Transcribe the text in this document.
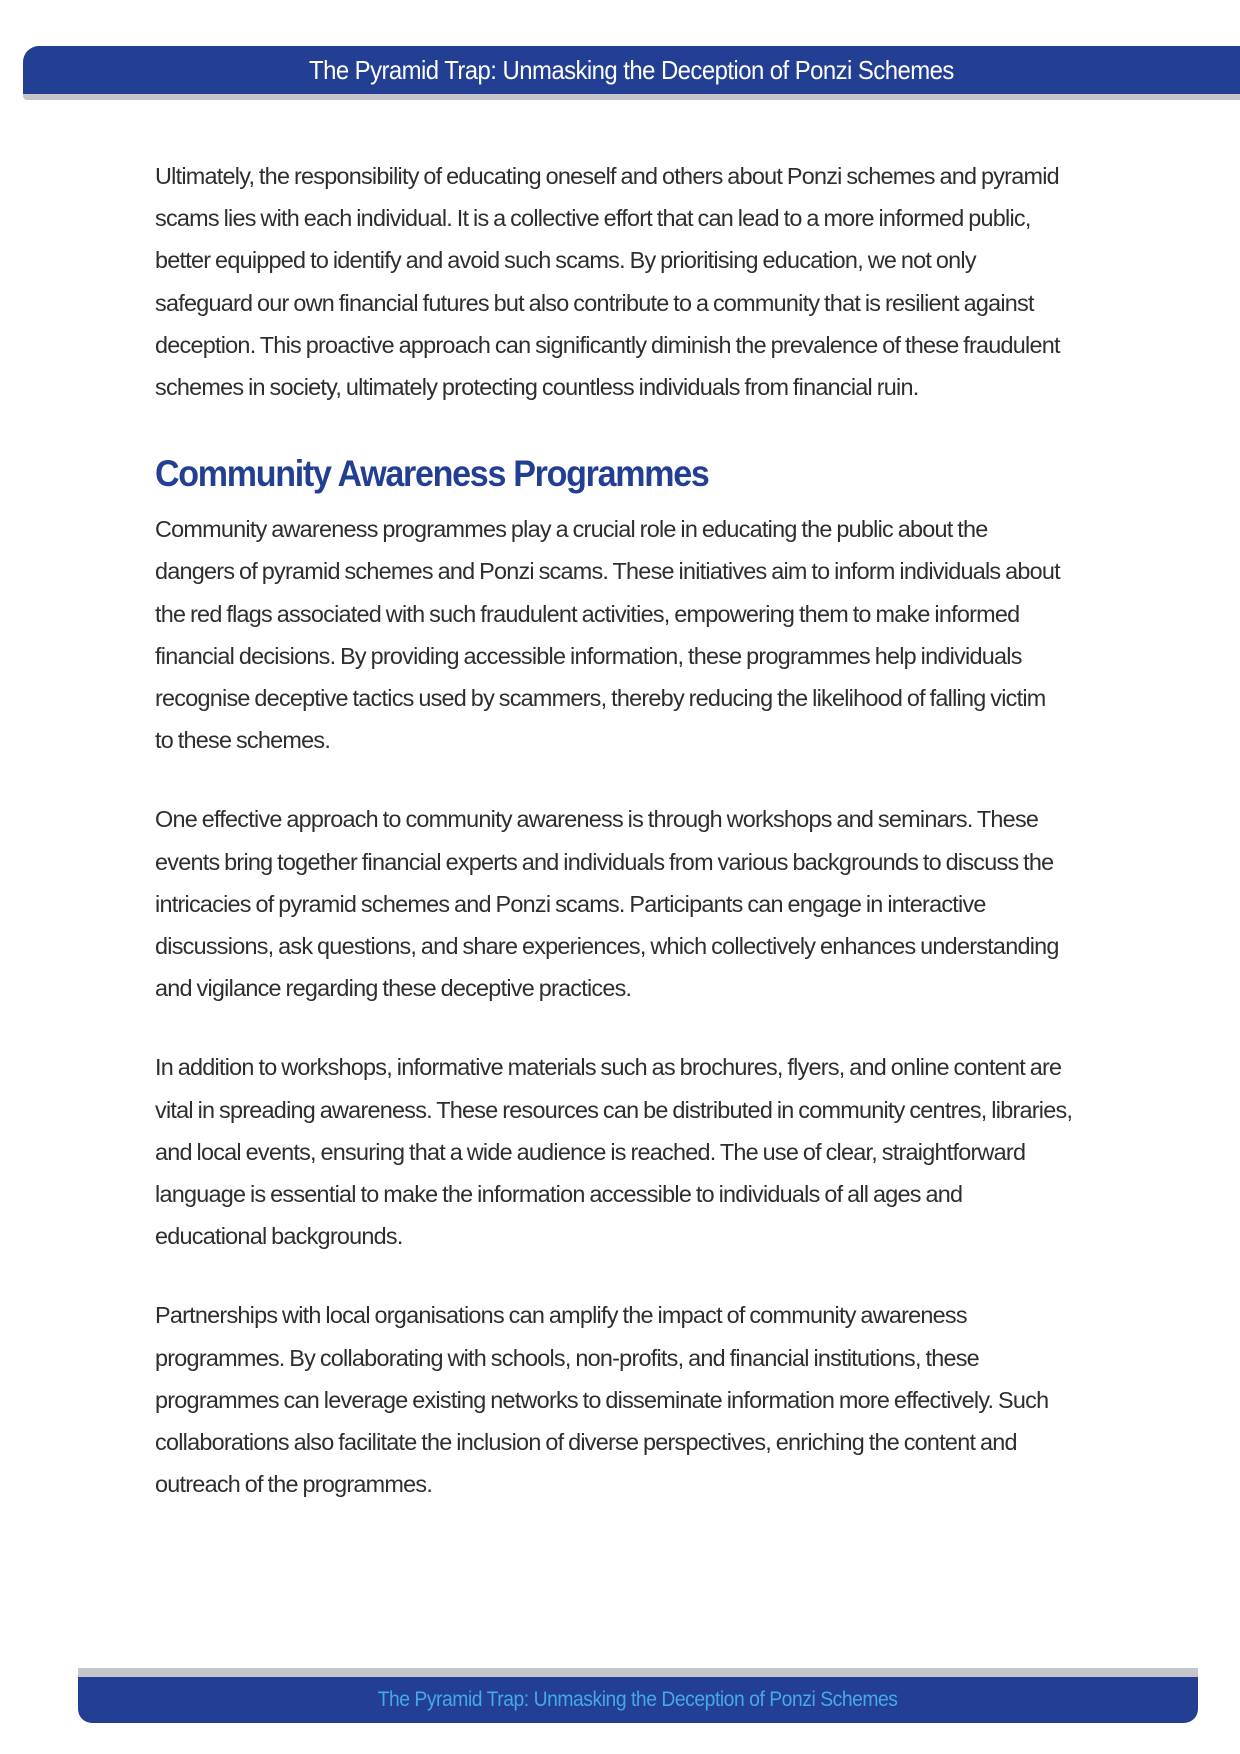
The Pyramid Trap: Unmasking the Deception of Ponzi Schemes

Ultimately, the responsibility of educating oneself and others about Ponzi schemes and pyramid
scams lies with each individual. It is a collective effort that can lead to a more informed public,
better equipped to identify and avoid such scams. By prioritising education, we not only
safeguard our own financial futures but also contribute to a community that is resilient against
deception. This proactive approach can significantly diminish the prevalence of these fraudulent
schemes in society, ultimately protecting countless individuals from financial ruin.

Community Awareness Programmes

Community awareness programmes play a crucial role in educating the public about the
dangers of pyramid schemes and Ponzi scams. These initiatives aim to inform individuals about
the red flags associated with such fraudulent activities, empowering them to make informed
financial decisions. By providing accessible information, these programmes help individuals
recognise deceptive tactics used by scammers, thereby reducing the likelihood of falling victim
to these schemes.

One effective approach to community awareness is through workshops and seminars. These
events bring together financial experts and individuals from various backgrounds to discuss the
intricacies of pyramid schemes and Ponzi scams. Participants can engage in interactive
discussions, ask questions, and share experiences, which collectively enhances understanding
and vigilance regarding these deceptive practices.

In addition to workshops, informative materials such as brochures, flyers, and online content are
vital in spreading awareness. These resources can be distributed in community centres, libraries,
and local events, ensuring that a wide audience is reached. The use of clear, straightforward
language is essential to make the information accessible to individuals of all ages and
educational backgrounds.

Partnerships with local organisations can amplify the impact of community awareness
programmes. By collaborating with schools, non-profits, and financial institutions, these
programmes can leverage existing networks to disseminate information more effectively. Such
collaborations also facilitate the inclusion of diverse perspectives, enriching the content and
outreach of the programmes.

The Pyramid Trap: Unmasking the Deception of Ponzi Schemes
